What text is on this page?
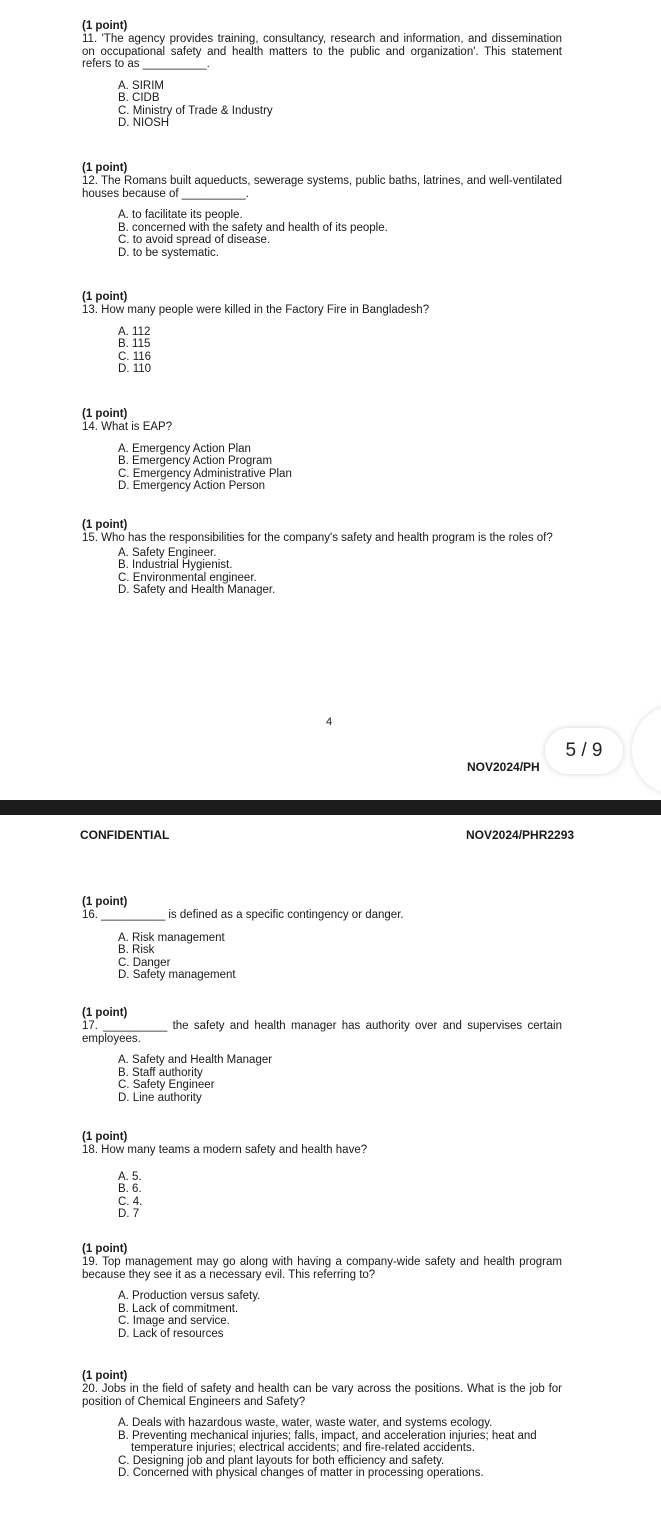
(1 point)
11. 'The agency provides training, consultancy, research and information, and dissemination on occupational safety and health matters to the public and organization'. This statement refers to as __________.
A. SIRIM
B. CIDB
C. Ministry of Trade & Industry
D. NIOSH
(1 point)
12. The Romans built aqueducts, sewerage systems, public baths, latrines, and well-ventilated houses because of __________.
A. to facilitate its people.
B. concerned with the safety and health of its people.
C. to avoid spread of disease.
D. to be systematic.
(1 point)
13. How many people were killed in the Factory Fire in Bangladesh?
A. 112
B. 115
C. 116
D. 110
(1 point)
14. What is EAP?
A. Emergency Action Plan
B. Emergency Action Program
C. Emergency Administrative Plan
D. Emergency Action Person
(1 point)
15. Who has the responsibilities for the company's safety and health program is the roles of?
A. Safety Engineer.
B. Industrial Hygienist.
C. Environmental engineer.
D. Safety and Health Manager.
4
NOV2024/PH
5 / 9
CONFIDENTIAL	NOV2024/PHR2293
(1 point)
16. __________ is defined as a specific contingency or danger.
A. Risk management
B. Risk
C. Danger
D. Safety management
(1 point)
17. __________ the safety and health manager has authority over and supervises certain employees.
A. Safety and Health Manager
B. Staff authority
C. Safety Engineer
D. Line authority
(1 point)
18. How many teams a modern safety and health have?
A. 5.
B. 6.
C. 4.
D. 7
(1 point)
19. Top management may go along with having a company-wide safety and health program because they see it as a necessary evil. This referring to?
A. Production versus safety.
B. Lack of commitment.
C. Image and service.
D. Lack of resources
(1 point)
20. Jobs in the field of safety and health can be vary across the positions. What is the job for position of Chemical Engineers and Safety?
A. Deals with hazardous waste, water, waste water, and systems ecology.
B. Preventing mechanical injuries; falls, impact, and acceleration injuries; heat and temperature injuries; electrical accidents; and fire-related accidents.
C. Designing job and plant layouts for both efficiency and safety.
D. Concerned with physical changes of matter in processing operations.
